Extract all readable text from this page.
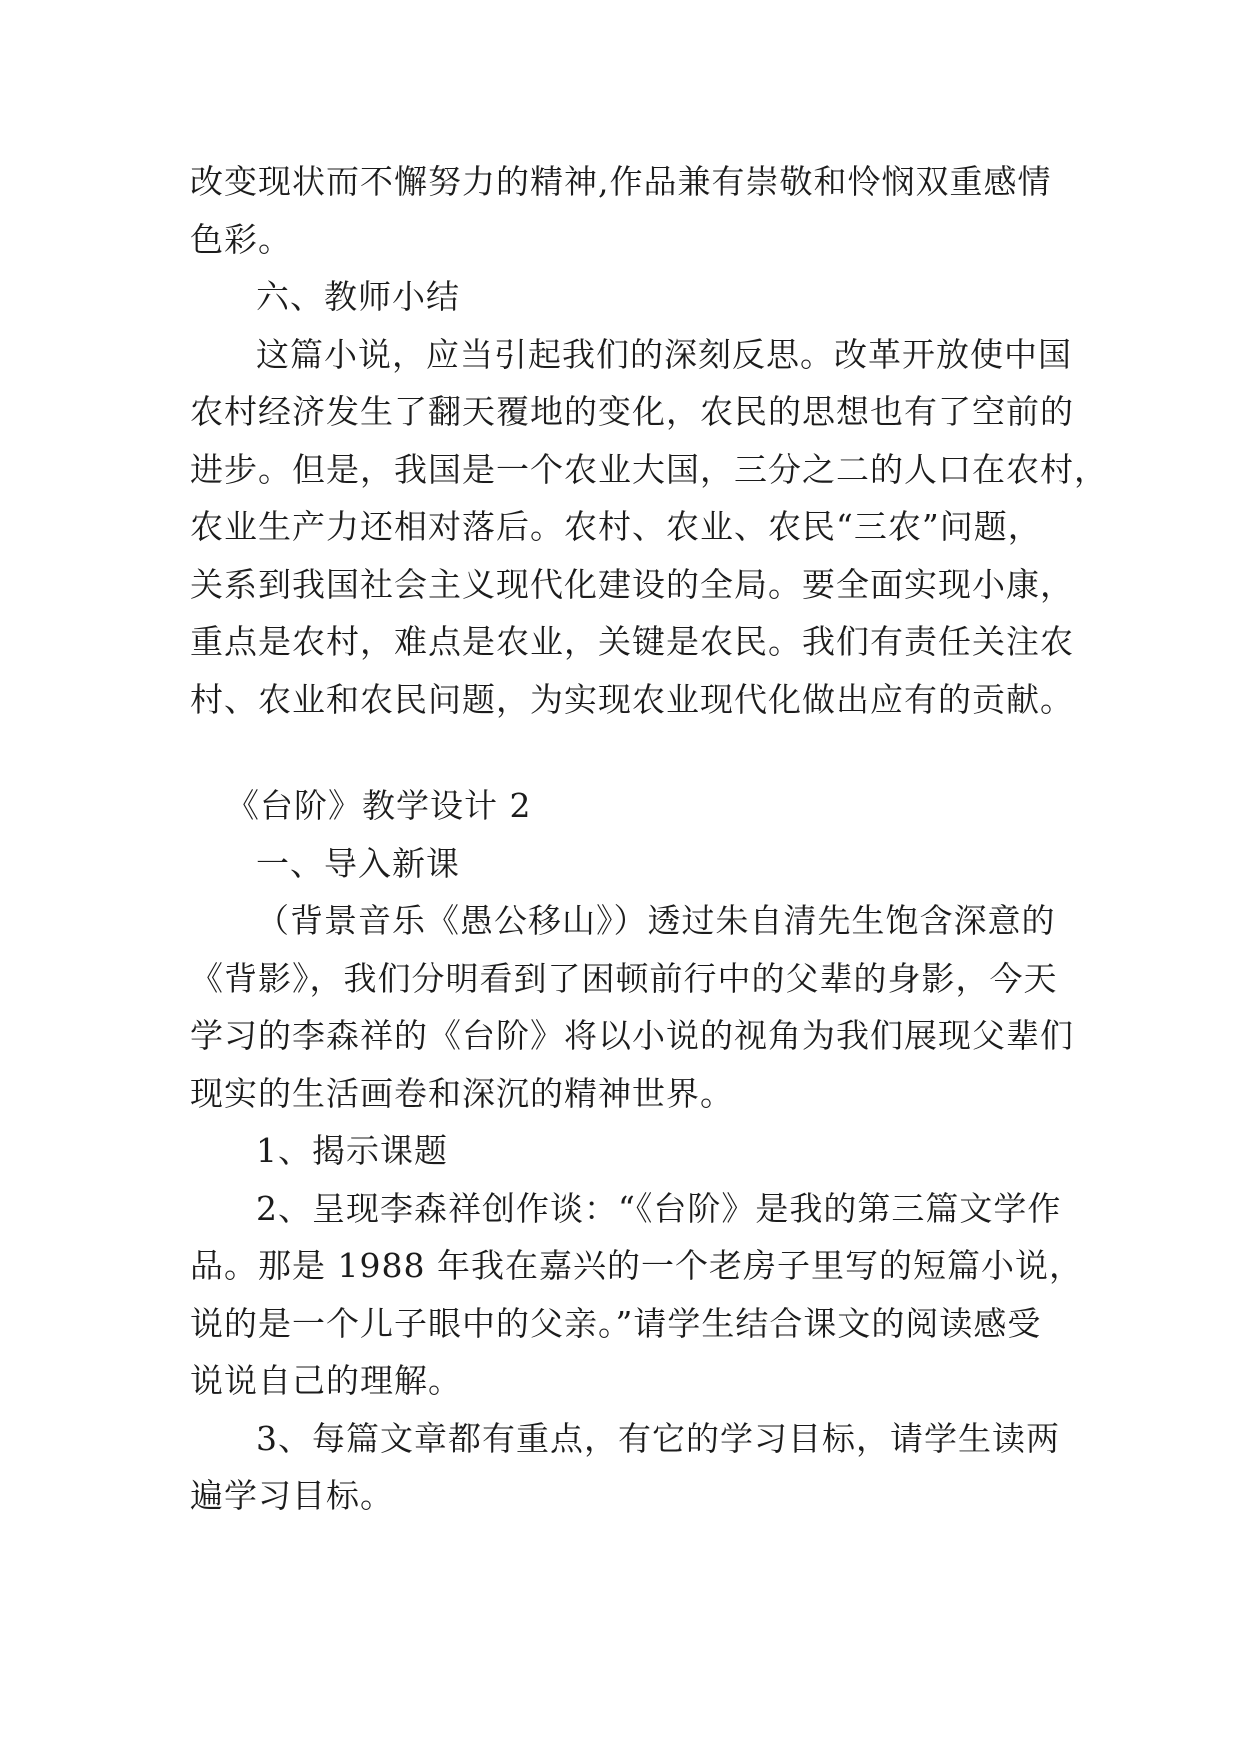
改变现状而不懈努力的精神,作品兼有崇敬和怜悯双重感情
色彩。
六、教师小结
这篇小说，应当引起我们的深刻反思。改革开放使中国
农村经济发生了翻天覆地的变化，农民的思想也有了空前的
进步。但是，我国是一个农业大国，三分之二的人口在农村，
农业生产力还相对落后。农村、农业、农民“三农”问题，
关系到我国社会主义现代化建设的全局。要全面实现小康，
重点是农村，难点是农业，关键是农民。我们有责任关注农
村、农业和农民问题，为实现农业现代化做出应有的贡献。
《台阶》教学设计 2
一、导入新课
（背景音乐《愚公移山》）透过朱自清先生饱含深意的
《背影》，我们分明看到了困顿前行中的父辈的身影，今天
学习的李森祥的《台阶》将以小说的视角为我们展现父辈们
现实的生活画卷和深沉的精神世界。
1、揭示课题
2、呈现李森祥创作谈：“《台阶》是我的第三篇文学作
品。那是 1988 年我在嘉兴的一个老房子里写的短篇小说，
说的是一个儿子眼中的父亲。”请学生结合课文的阅读感受
说说自己的理解。
3、每篇文章都有重点，有它的学习目标，请学生读两
遍学习目标。
